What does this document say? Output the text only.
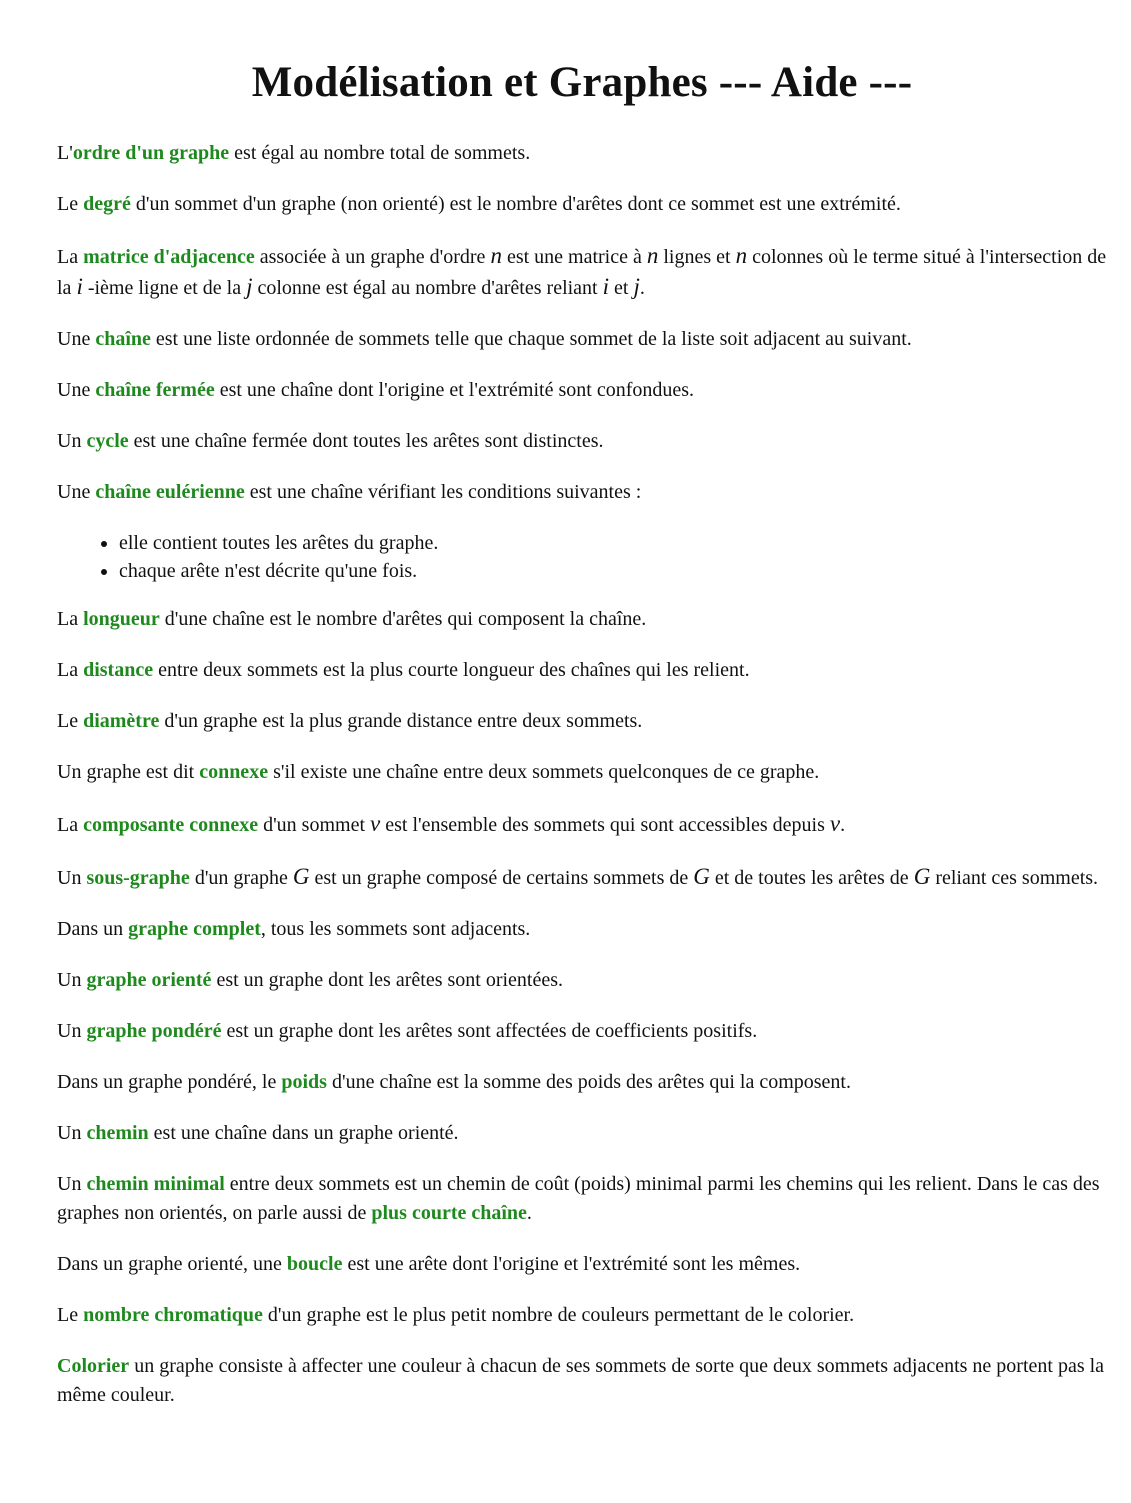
Modélisation et Graphes --- Aide ---

L'ordre d'un graphe est égal au nombre total de sommets.

Le degré d'un sommet d'un graphe (non orienté) est le nombre d'arêtes dont ce sommet est une extrémité.

La matrice d'adjacence associée à un graphe d'ordre n est une matrice à n lignes et n colonnes où le terme situé à l'intersection de la i -ième ligne et de la j colonne est égal au nombre d'arêtes reliant i et j.

Une chaîne est une liste ordonnée de sommets telle que chaque sommet de la liste soit adjacent au suivant.

Une chaîne fermée est une chaîne dont l'origine et l'extrémité sont confondues.

Un cycle est une chaîne fermée dont toutes les arêtes sont distinctes.

Une chaîne eulérienne est une chaîne vérifiant les conditions suivantes :

• elle contient toutes les arêtes du graphe.
• chaque arête n'est décrite qu'une fois.

La longueur d'une chaîne est le nombre d'arêtes qui composent la chaîne.

La distance entre deux sommets est la plus courte longueur des chaînes qui les relient.

Le diamètre d'un graphe est la plus grande distance entre deux sommets.

Un graphe est dit connexe s'il existe une chaîne entre deux sommets quelconques de ce graphe.

La composante connexe d'un sommet v est l'ensemble des sommets qui sont accessibles depuis v.

Un sous-graphe d'un graphe G est un graphe composé de certains sommets de G et de toutes les arêtes de G reliant ces sommets.

Dans un graphe complet, tous les sommets sont adjacents.

Un graphe orienté est un graphe dont les arêtes sont orientées.

Un graphe pondéré est un graphe dont les arêtes sont affectées de coefficients positifs.

Dans un graphe pondéré, le poids d'une chaîne est la somme des poids des arêtes qui la composent.

Un chemin est une chaîne dans un graphe orienté.

Un chemin minimal entre deux sommets est un chemin de coût (poids) minimal parmi les chemins qui les relient. Dans le cas des graphes non orientés, on parle aussi de plus courte chaîne.

Dans un graphe orienté, une boucle est une arête dont l'origine et l'extrémité sont les mêmes.

Le nombre chromatique d'un graphe est le plus petit nombre de couleurs permettant de le colorier.

Colorier un graphe consiste à affecter une couleur à chacun de ses sommets de sorte que deux sommets adjacents ne portent pas la même couleur.
